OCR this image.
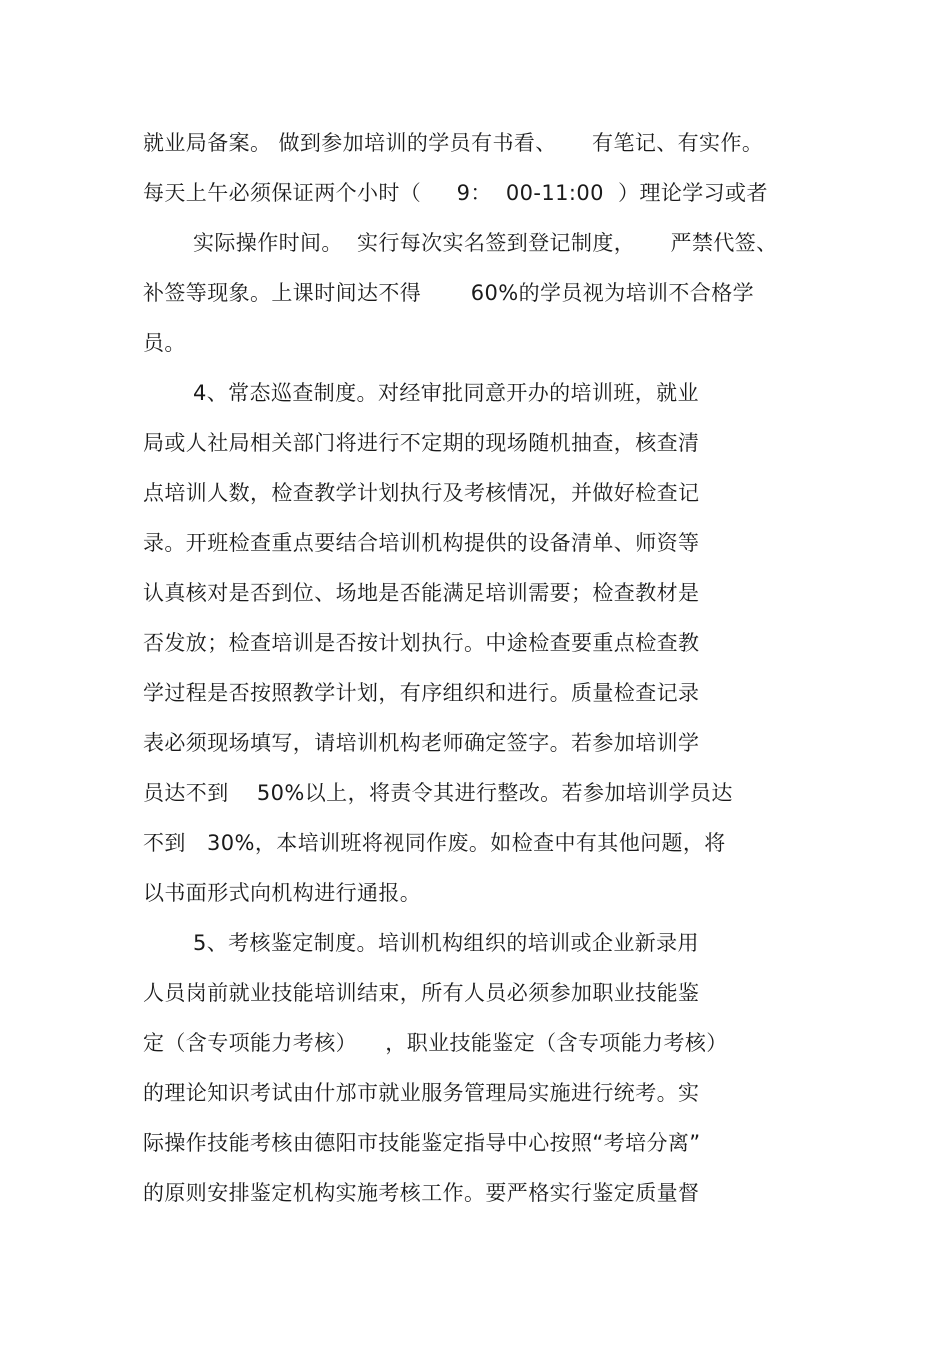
就业局备案。 做到参加培训的学员有书看、     有笔记、有实作。
每天上午必须保证两个小时（     9：  00-11:00  ）理论学习或者
实际操作时间。  实行每次实名签到登记制度，     严禁代签、
补签等现象。上课时间达不得       60%的学员视为培训不合格学
员。
4、常态巡查制度。对经审批同意开办的培训班，就业
局或人社局相关部门将进行不定期的现场随机抽查，核查清
点培训人数，检查教学计划执行及考核情况，并做好检查记
录。开班检查重点要结合培训机构提供的设备清单、师资等
认真核对是否到位、场地是否能满足培训需要；检查教材是
否发放；检查培训是否按计划执行。中途检查要重点检查教
学过程是否按照教学计划，有序组织和进行。质量检查记录
表必须现场填写，请培训机构老师确定签字。若参加培训学
员达不到    50%以上，将责令其进行整改。若参加培训学员达
不到   30%，本培训班将视同作废。如检查中有其他问题，将
以书面形式向机构进行通报。
5、考核鉴定制度。培训机构组织的培训或企业新录用
人员岗前就业技能培训结束，所有人员必须参加职业技能鉴
定（含专项能力考核）    ，职业技能鉴定（含专项能力考核）
的理论知识考试由什邡市就业服务管理局实施进行统考。实
际操作技能考核由德阳市技能鉴定指导中心按照“考培分离”
的原则安排鉴定机构实施考核工作。要严格实行鉴定质量督
